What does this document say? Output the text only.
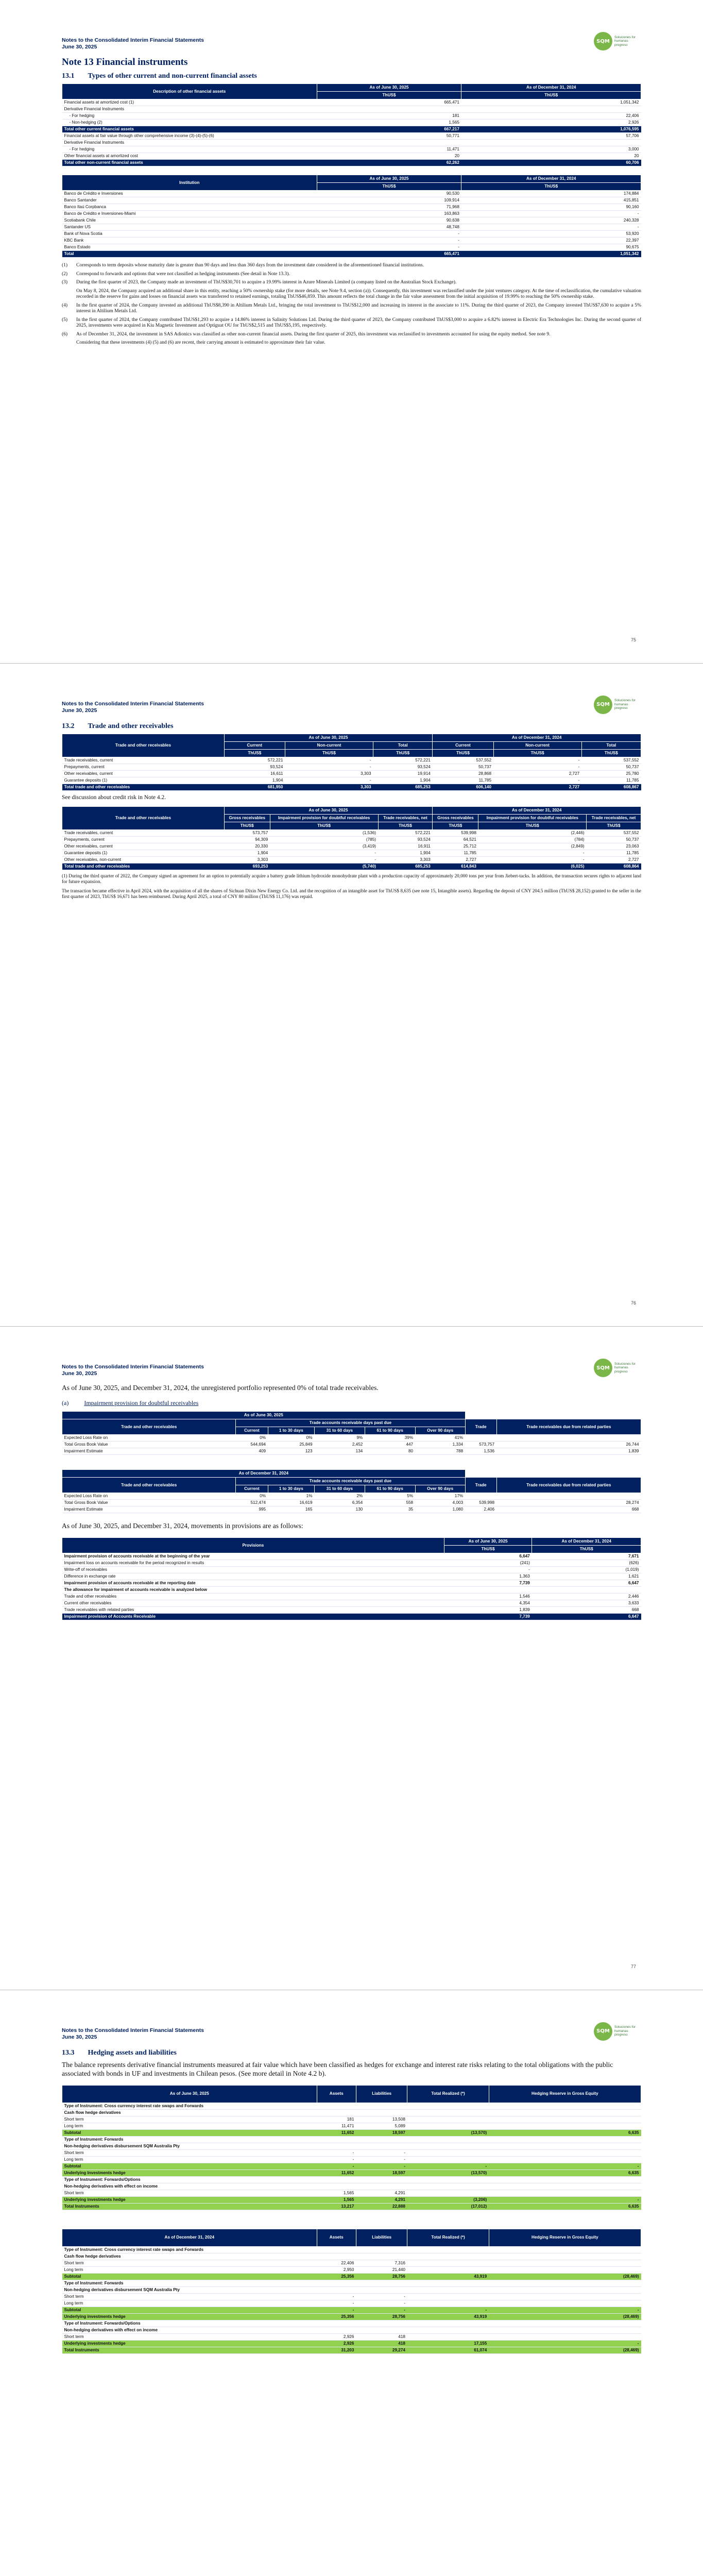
Notes to the Consolidated Interim Financial Statements
June 30, 2025
SQM
Soluciones for humanas progreso
Note 13 Financial instruments
13.1 Types of other current and non-current financial assets
Description of other financial assets	As of June 30, 2025	As of December 31, 2024
	ThUS$	ThUS$
Financial assets at amortized cost (1)	665,471	1,051,342
Derivative Financial Instruments		
- For hedging	181	22,406
- Non-hedging (2)	1,565	2,926
Total other current financial assets	667,217	1,076,595
Financial assets at fair value through other comprehensive income (3)-(4)-(5)-(6)	50,771	57,706
Derivative Financial Instruments		
- For hedging	11,471	3,000
Other financial assets at amortized cost	20	20
Total other non-current financial assets	62,262	60,706
Institution	As of June 30, 2025	As of December 31, 2024
	ThUS$	ThUS$
Banco de Crédito e Inversiones	90,530	174,884
Banco Santander	109,914	415,851
Banco Itaú Corpbanca	71,968	90,160
Banco de Crédito e Inversiones-Miami	163,863	-
Scotiabank Chile	90,638	240,328
Santander US	48,748	-
Bank of Nova Scotia	-	53,920
KBC Bank	-	22,397
Banco Estado	-	90,675
Total	665,471	1,051,342
(1)	Corresponds to term deposits whose maturity date is greater than 90 days and less than 360 days from the investment date considered in the aforementioned financial institutions.
(2)	Correspond to forwards and options that were not classified as hedging instruments (See detail in Note 13.3).
(3)	During the first quarter of 2023, the Company made an investment of ThUS$30,701 to acquire a 19.99% interest in Azure Minerals Limited (a company listed on the Australian Stock Exchange).
On May 8, 2024, the Company acquired an additional share in this entity, reaching a 50% ownership stake (for more details, see Note 9.4, section (a)). Consequently, this investment was reclassified under the joint ventures category. At the time of reclassification, the cumulative valuation recorded in the reserve for gains and losses on financial assets was transferred to retained earnings, totaling ThUS$46,859. This amount reflects the total change in the fair value assessment from the initial acquisition of 19.99% to reaching the 50% ownership stake.
(4)	In the first quarter of 2024, the Company invested an additional ThUS$8,390 in Altilium Metals Ltd., bringing the total investment to ThUS$12,000 and increasing its interest in the associate to 11%. During the third quarter of 2023, the Company invested ThUS$7,630 to acquire a 5% interest in Altilium Metals Ltd.
(5)	In the first quarter of 2024, the Company contributed ThUS$1,293 to acquire a 14.86% interest in Salinity Solutions Ltd. During the third quarter of 2023, the Company contributed ThUS$3,000 to acquire a 6.82% interest in Electric Era Technologies Inc. During the second quarter of 2025, investments were acquired in Kiu Magnetic Investment and Optiguat OU for ThUS$2,515 and ThUS$5,195, respectively.
(6)	As of December 31, 2024, the investment in SAS Adionics was classified as other non-current financial assets. During the first quarter of 2025, this investment was reclassified to investments accounted for using the equity method. See note 9.
Considering that these investments (4) (5) and (6) are recent, their carrying amount is estimated to approximate their fair value.
75
Notes to the Consolidated Interim Financial Statements
June 30, 2025
SQM
Soluciones for humanas progreso
13.2 Trade and other receivables
Trade and other receivables	As of June 30, 2025			As of December 31, 2024		
	Current	Non-current	Total	Current	Non-current	Total
	ThUS$	ThUS$	ThUS$	ThUS$	ThUS$	ThUS$
Trade receivables, current	572,221	-	572,221	537,552	-	537,552
Prepayments, current	93,524	-	93,524	50,737	-	50,737
Other receivables, current	16,611	3,303	19,914	28,868	2,727	25,780
Guarantee deposits (1)	1,904	-	1,904	11,785	-	11,785
Total trade and other receivables	681,950	3,303	685,253	606,140	2,727	608,867
See discussion about credit risk in Note 4.2.
Trade and other receivables	As of June 30, 2025			As of December 31, 2024		
	Gross receivables	Impairment provision for doubtful receivables	Trade receivables, net	Gross receivables	Impairment provision for doubtful receivables	Trade receivables, net
	ThUS$	ThUS$	ThUS$	ThUS$	ThUS$	ThUS$
Trade receivables, current	573,757	(1,536)	572,221	539,998	(2,446)	537,552
Prepayments, current	94,309	(785)	93,524	64,521	(784)	50,737
Other receivables, current	20,330	(3,419)	16,911	25,712	(2,849)	23,063
Guarantee deposits (1)	1,904	-	1,904	11,785	-	11,785
Other receivables, non-current	3,303	-	3,303	2,727	-	2,727
Total trade and other receivables	693,253	(5,740)	685,253	614,843	(6,025)	608,864
(1) During the third quarter of 2022, the Company signed an agreement for an option to potentially acquire a battery grade lithium hydroxide monohydrate plant with a production capacity of approximately 20,000 tons per year from Jiebert-tacks. In addition, the transaction secures rights to adjacent land for future expansion.
The transaction became effective in April 2024, with the acquisition of all the shares of Sichuan Dixin New Energy Co. Ltd. and the recognition of an intangible asset for ThUS$ 8,635 (see note 15, Intangible assets). Regarding the deposit of CNY 204.5 million (ThUS$ 28,152) granted to the seller in the first quarter of 2023, ThUS$ 16,671 has been reimbursed. During April 2025, a total of CNY 80 million (ThUS$ 11,176) was repaid.
76
Notes to the Consolidated Interim Financial Statements
June 30, 2025
SQM
Soluciones for humanas progreso
As of June 30, 2025, and December 31, 2024, the unregistered portfolio represented 0% of total trade receivables.
(a)	Impairment provision for doubtful receivables
As of June 30, 2025							
Trade and other receivables	Trade accounts receivable days past due					Trade	Trade receivables due from related parties
	Current	1 to 30 days	31 to 60 days	61 to 90 days	Over 90 days		
Expected Loss Rate on	0%	0%	9%	39%	41%		
Total Gross Book Value	544,694	25,849	2,452	447	1,334	573,757	26,744
Impairment Estimate	409	123	134	80	788	1,536	1,839
As of December 31, 2024							
Trade and other receivables	Trade accounts receivable days past due					Trade	Trade receivables due from related parties
	Current	1 to 30 days	31 to 60 days	61 to 90 days	Over 90 days		
Expected Loss Rate on	0%	1%	2%	5%	17%		
Total Gross Book Value	512,474	16,619	6,354	558	4,003	539,998	28,274
Impairment Estimate	995	165	130	35	1,080	2,406	668
As of June 30, 2025, and December 31, 2024, movements in provisions are as follows:
Provisions	As of June 30, 2025	As of December 31, 2024
	ThUS$	ThUS$
Impairment provision of accounts receivable at the beginning of the year	6,647	7,671
Impairment loss on accounts receivable for the period recognized in results	(241)	(626)
Write-off of receivables	-	(1,019)
Difference in exchange rate	1,363	1,621
Impairment provision of accounts receivable at the reporting date	7,739	6,647
The allowance for impairment of accounts receivable is analyzed below		
Trade and other receivables	1,546	2,446
Current other receivables	4,354	3,633
Trade receivables with related parties	1,839	668
Impairment provision of Accounts Receivable	7,739	6,647
77
Notes to the Consolidated Interim Financial Statements
June 30, 2025
SQM
Soluciones for humanas progreso
13.3 Hedging assets and liabilities
The balance represents derivative financial instruments measured at fair value which have been classified as hedges for exchange and interest rate risks relating to the total obligations with the public associated with bonds in UF and investments in Chilean pesos. (See more detail in Note 4.2 b).
As of June 30, 2025	Assets	Liabilities	Total Realized (*)	Hedging Reserve in Gross Equity
Type of Instrument: Cross currency interest rate swaps and Forwards				
Cash flow hedge derivatives				
Short term	181	13,508		
Long term	11,471	5,089		
Subtotal	11,652	18,597	(13,570)	6,635
Type of Instrument: Forwards				
Non-hedging derivatives disbursement SQM Australia Pty				
Short term	-	-		
Long term	-	-		
Subtotal	-	-	-	-
Underlying Investments hedge	11,652	18,597	(13,570)	6,635
Type of Instrument: Forwards/Options				
Non-hedging derivatives with effect on income				
Short term	1,565	4,291		
Underlying investments hedge	1,565	4,291	(3,206)	-
Total Instruments	13,217	22,888	(17,012)	6,635
As of December 31, 2024	Assets	Liabilities	Total Realized (*)	Hedging Reserve in Gross Equity
Type of Instrument: Cross currency interest rate swaps and Forwards				
Cash flow hedge derivatives				
Short term	22,406	7,316		
Long term	2,950	21,440		
Subtotal	25,356	28,756	43,919	(28,469)
Type of Instrument: Forwards				
Non-hedging derivatives disbursement SQM Australia Pty				
Short term	-	-		
Long term	-	-		
Subtotal	-	-	-	-
Underlying investments hedge	25,356	28,756	43,919	(28,469)
Type of Instrument: Forwards/Options				
Non-hedging derivatives with effect on income				
Short term	2,926	418		
Underlying investments hedge	2,926	418	17,155	-
Total Instruments	31,203	29,274	61,074	(28,469)
